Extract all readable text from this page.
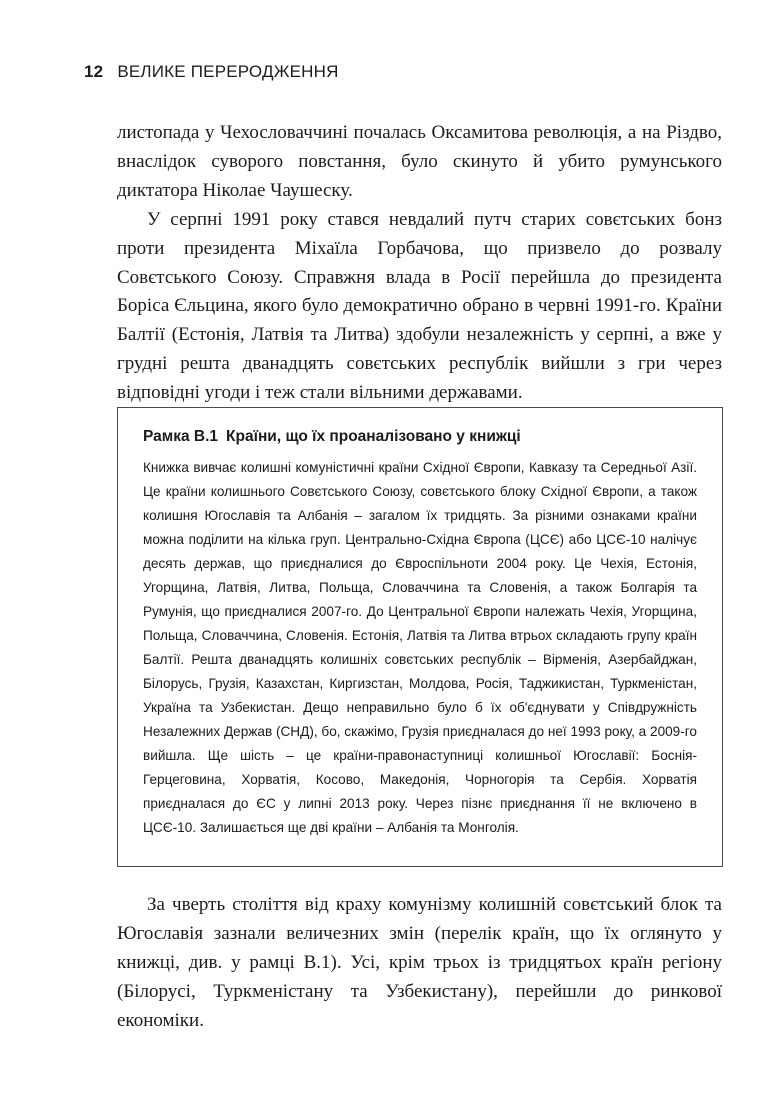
12 ВЕЛИКЕ ПЕРЕРОДЖЕННЯ

листопада у Чехословаччині почалась Оксамитова революція, а на Різдво, внаслідок суворого повстання, було скинуто й убито румунського диктатора Ніколае Чаушеску.

У серпні 1991 року стався невдалий путч старих совєтських бонз проти президента Міхаїла Горбачова, що призвело до розвалу Совєтського Союзу. Справжня влада в Росії перейшла до президента Боріса Єльцина, якого було демократично обрано в червні 1991-го. Країни Балтії (Естонія, Латвія та Литва) здобули незалежність у серпні, а вже у грудні решта дванадцять совєтських республік вийшли з гри через відповідні угоди і теж стали вільними державами.

Рамка В.1 Країни, що їх проаналізовано у книжці

Книжка вивчає колишні комуністичні країни Східної Європи, Кавказу та Середньої Азії. Це країни колишнього Совєтського Союзу, совєтського блоку Східної Європи, а також колишня Югославія та Албанія – загалом їх тридцять. За різними ознаками країни можна поділити на кілька груп. Центрально-Східна Європа (ЦСЄ) або ЦСЄ-10 налічує десять держав, що приєдналися до Євроспільноти 2004 року. Це Чехія, Естонія, Угорщина, Латвія, Литва, Польща, Словаччина та Словенія, а також Болгарія та Румунія, що приєдналися 2007-го. До Центральної Європи належать Чехія, Угорщина, Польща, Словаччина, Словенія. Естонія, Латвія та Литва втрьох складають групу країн Балтії. Решта дванадцять колишніх совєтських республік – Вірменія, Азербайджан, Білорусь, Грузія, Казахстан, Киргизстан, Молдова, Росія, Таджикистан, Туркменістан, Україна та Узбекистан. Дещо неправильно було б їх об'єднувати у Співдружність Незалежних Держав (СНД), бо, скажімо, Грузія приєдналася до неї 1993 року, а 2009-го вийшла. Ще шість – це країни-правонаступниці колишньої Югославії: Боснія-Герцеговина, Хорватія, Косово, Македонія, Чорногорія та Сербія. Хорватія приєдналася до ЄС у липні 2013 року. Через пізнє приєднання її не включено в ЦСЄ-10. Залишається ще дві країни – Албанія та Монголія.

За чверть століття від краху комунізму колишній совєтський блок та Югославія зазнали величезних змін (перелік країн, що їх оглянуто у книжці, див. у рамці В.1). Усі, крім трьох із тридцятьох країн регіону (Білорусі, Туркменістану та Узбекистану), перейшли до ринкової економіки.
